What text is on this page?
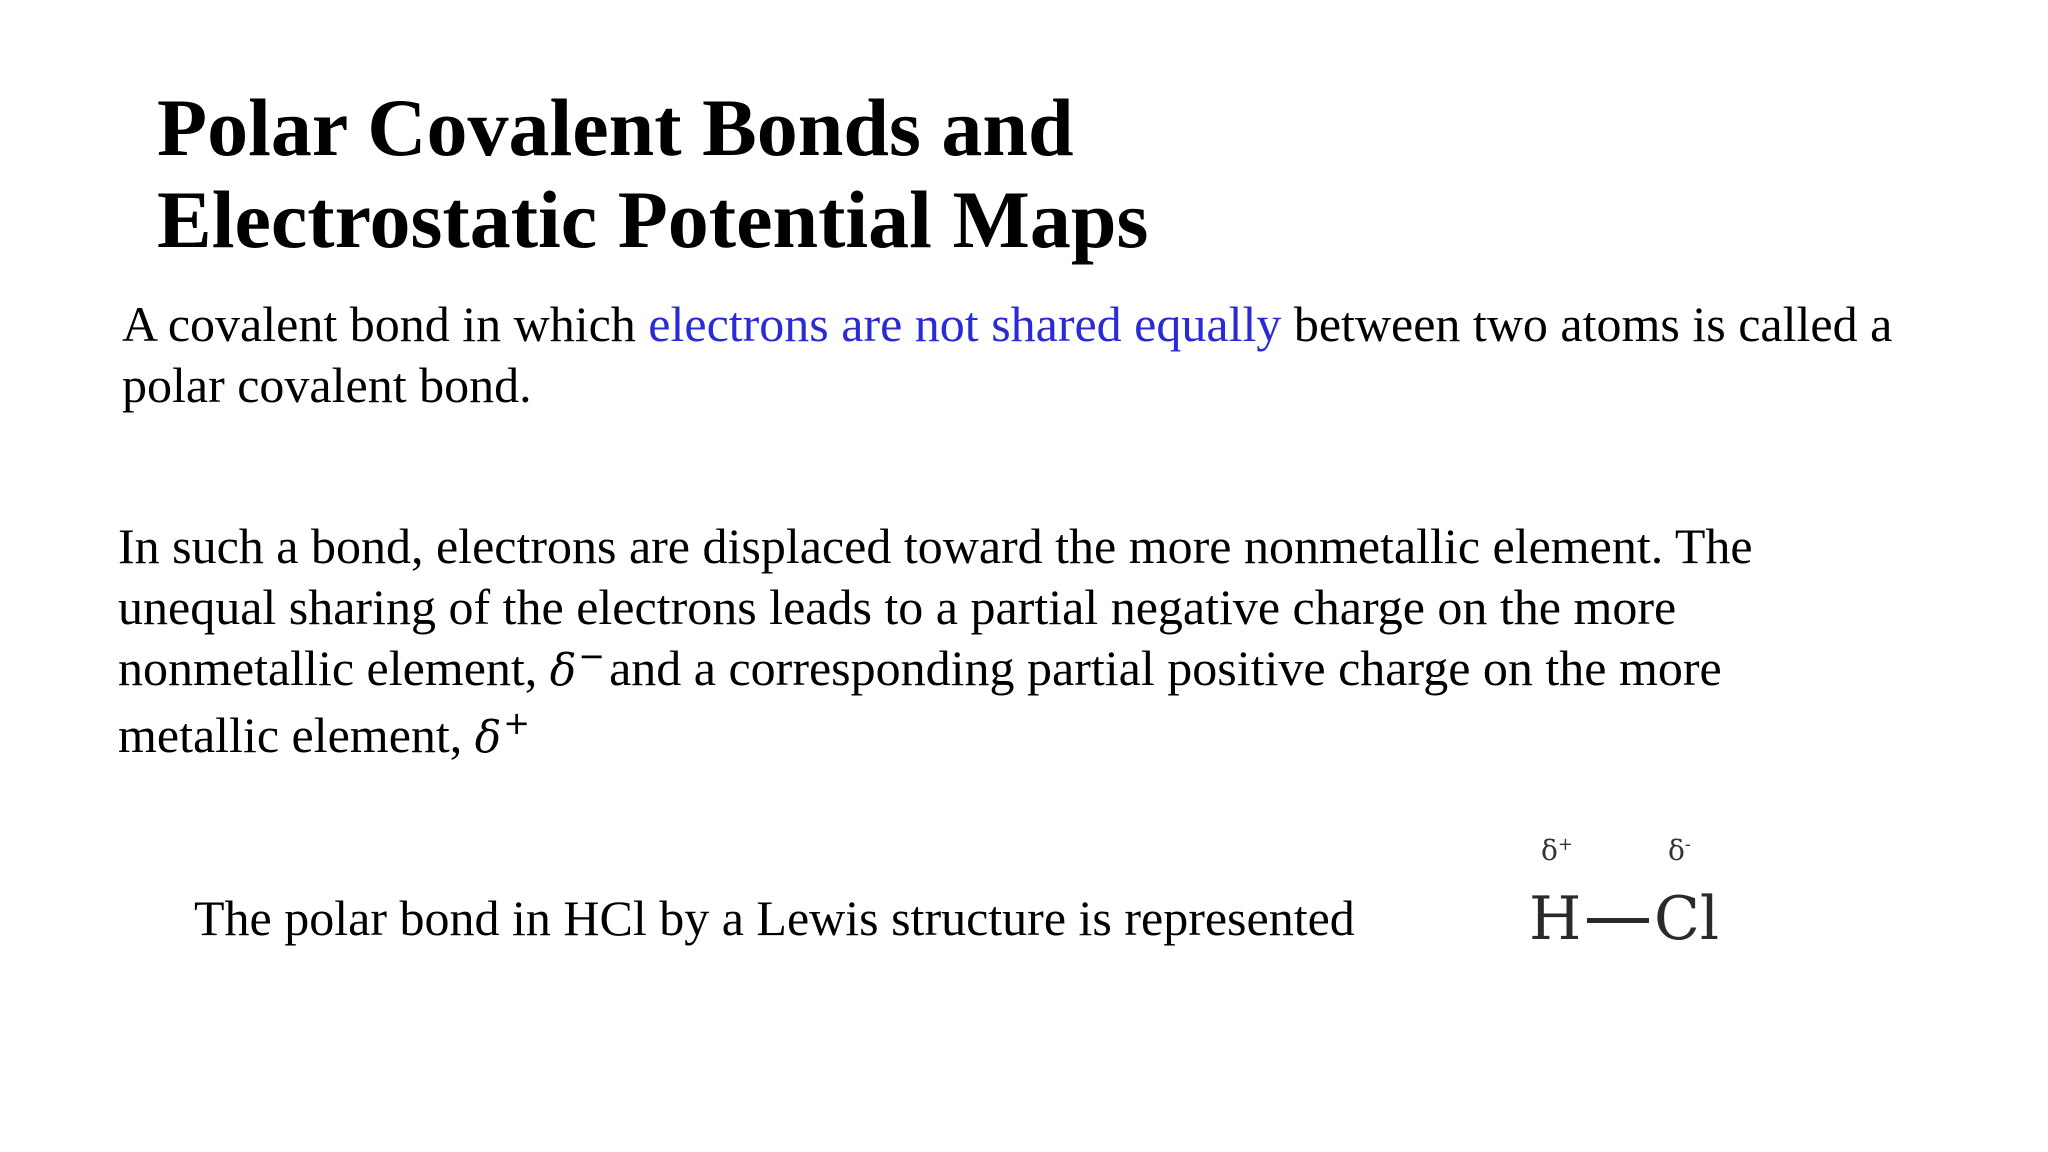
Polar Covalent Bonds and
Electrostatic Potential Maps

A covalent bond in which electrons are not shared equally between two atoms is called a
polar covalent bond.

In such a bond, electrons are displaced toward the more nonmetallic element. The
unequal sharing of the electrons leads to a partial negative charge on the more
nonmetallic element, δ−and a corresponding partial positive charge on the more
metallic element, δ+

The polar bond in HCl by a Lewis structure is represented

δ+	δ-
H Cl
